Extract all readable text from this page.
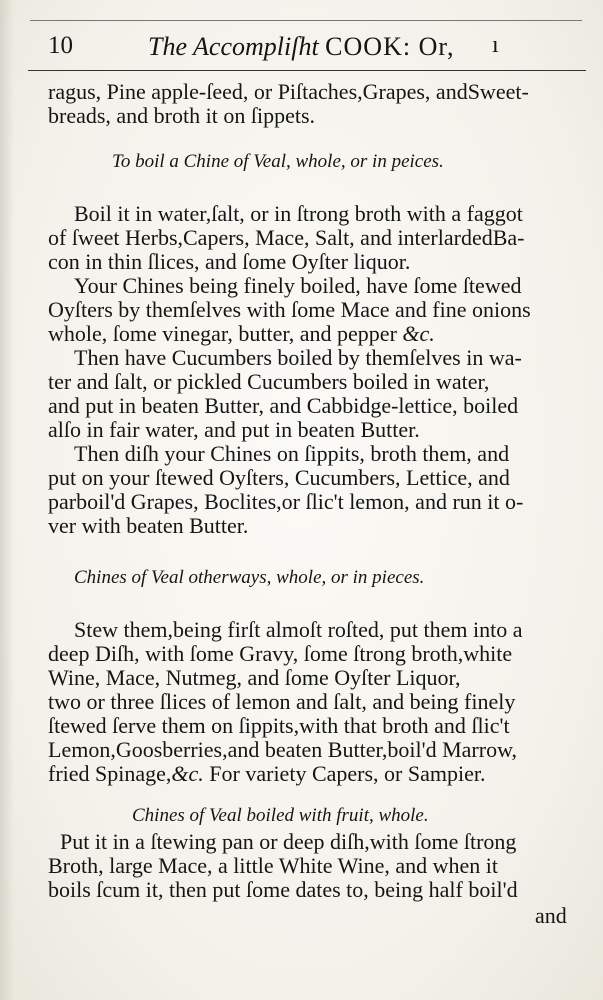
10	The Accompliſht COOK: Or, ı
ragus, Pine apple-ſeed, or Piſtaches,Grapes, andSweet-
breads, and broth it on ſippets.
To boil a Chine of Veal, whole, or in peices.
Boil it in water,ſalt, or in ſtrong broth with a faggot
of ſweet Herbs,Capers, Mace, Salt, and interlardedBa-
con in thin ſlices, and ſome Oyſter liquor.
Your Chines being finely boiled, have ſome ſtewed
Oyſters by themſelves with ſome Mace and fine onions
whole, ſome vinegar, butter, and pepper &c.
Then have Cucumbers boiled by themſelves in wa-
ter and ſalt, or pickled Cucumbers boiled in water,
and put in beaten Butter, and Cabbidge-lettice, boiled
alſo in fair water, and put in beaten Butter.
Then diſh your Chines on ſippits, broth them, and
put on your ſtewed Oyſters, Cucumbers, Lettice, and
parboil'd Grapes, Boclites,or ſlic't lemon, and run it o-
ver with beaten Butter.
Chines of Veal otherways, whole, or in pieces.
Stew them,being firſt almoſt roſted, put them into a
deep Diſh, with ſome Gravy, ſome ſtrong broth,white
Wine, Mace, Nutmeg, and ſome Oyſter Liquor,
two or three ſlices of lemon and ſalt, and being finely
ſtewed ſerve them on ſippits,with that broth and ſlic't
Lemon,Goosberries,and beaten Butter,boil'd Marrow,
fried Spinage,&c. For variety Capers, or Sampier.
Chines of Veal boiled with fruit, whole.
Put it in a ſtewing pan or deep diſh,with ſome ſtrong
Broth, large Mace, a little White Wine, and when it
boils ſcum it, then put ſome dates to, being half boil'd
and
